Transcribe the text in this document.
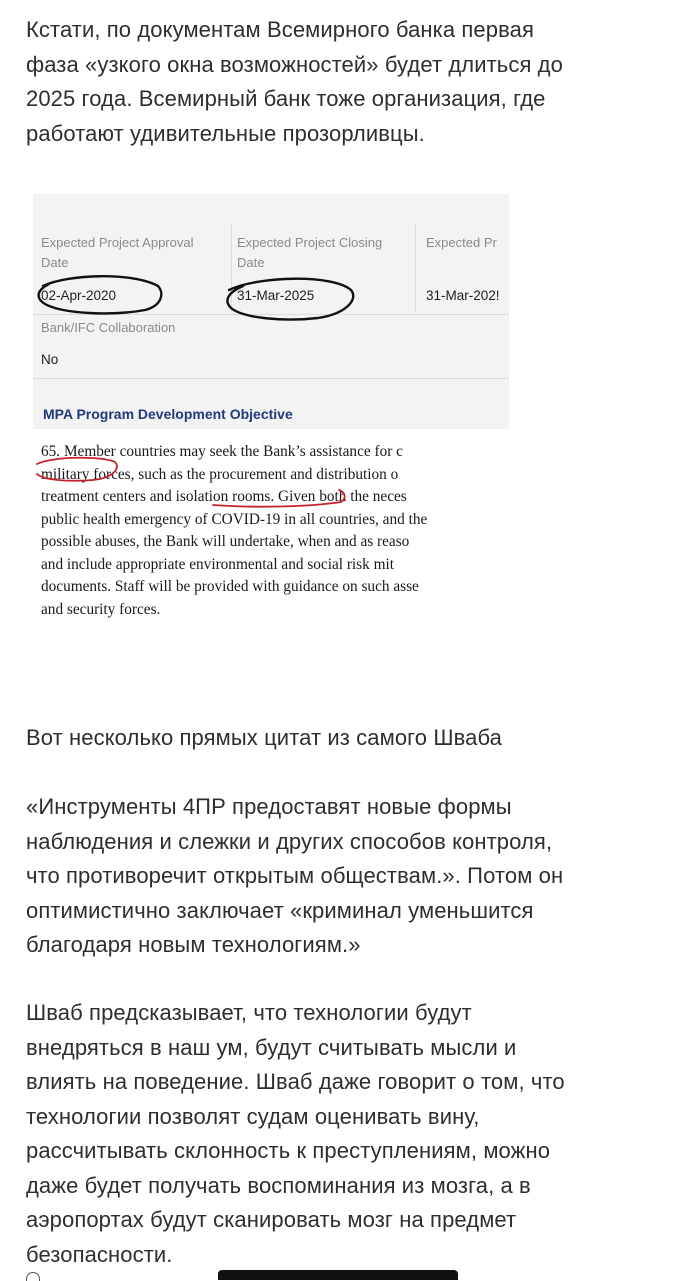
Кстати, по документам Всемирного банка первая
фаза «узкого окна возможностей» будет длиться до
2025 года. Всемирный банк тоже организация, где
работают удивительные прозорливцы.
Expected Project Approval
Date
Expected Project Closing
Date
Expected Pr
02-Apr-2020	31-Mar-2025	31-Mar-202!
Bank/IFC Collaboration
No
MPA Program Development Objective
65. Member countries may seek the Bank’s assistance for c
military forces, such as the procurement and distribution o
treatment centers and isolation rooms. Given both the neces
public health emergency of COVID-19 in all countries, and the
possible abuses, the Bank will undertake, when and as reaso
and include appropriate environmental and social risk mit
documents. Staff will be provided with guidance on such asse
and security forces.
Вот несколько прямых цитат из самого Шваба
«Инструменты 4ПР предоставят новые формы
наблюдения и слежки и других способов контроля,
что противоречит открытым обществам.». Потом он
оптимистично заключает «криминал уменьшится
благодаря новым технологиям.»
Шваб предсказывает, что технологии будут
внедряться в наш ум, будут считывать мысли и
влиять на поведение. Шваб даже говорит о том, что
технологии позволят судам оценивать вину,
рассчитывать склонность к преступлениям, можно
даже будет получать воспоминания из мозга, а в
аэропортах будут сканировать мозг на предмет
безопасности.
